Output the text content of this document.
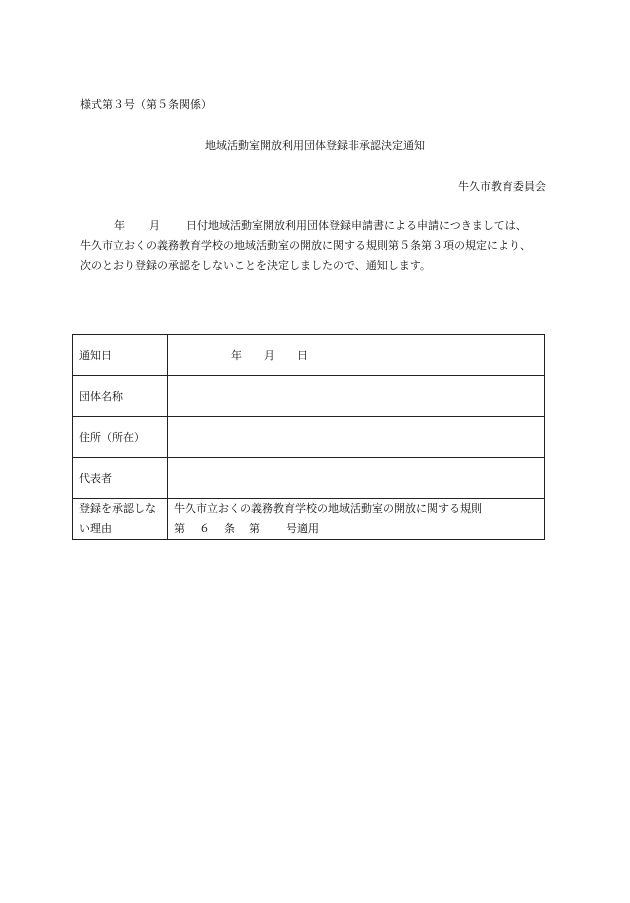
様式第３号（第５条関係）
地域活動室開放利用団体登録非承認決定通知
牛久市教育委員会
年 月 日付地域活動室開放利用団体登録申請書による申請につきましては、
牛久市立おくの義務教育学校の地域活動室の開放に関する規則第５条第３項の規定により、
次のとおり登録の承認をしないことを決定しましたので、通知します。
通知日	年 月 日
団体名称	
住所（所在）	
代表者	

登録を承認しな
い理由	牛久市立おくの義務教育学校の地域活動室の開放に関する規則
第 ６ 条 第 号適用
